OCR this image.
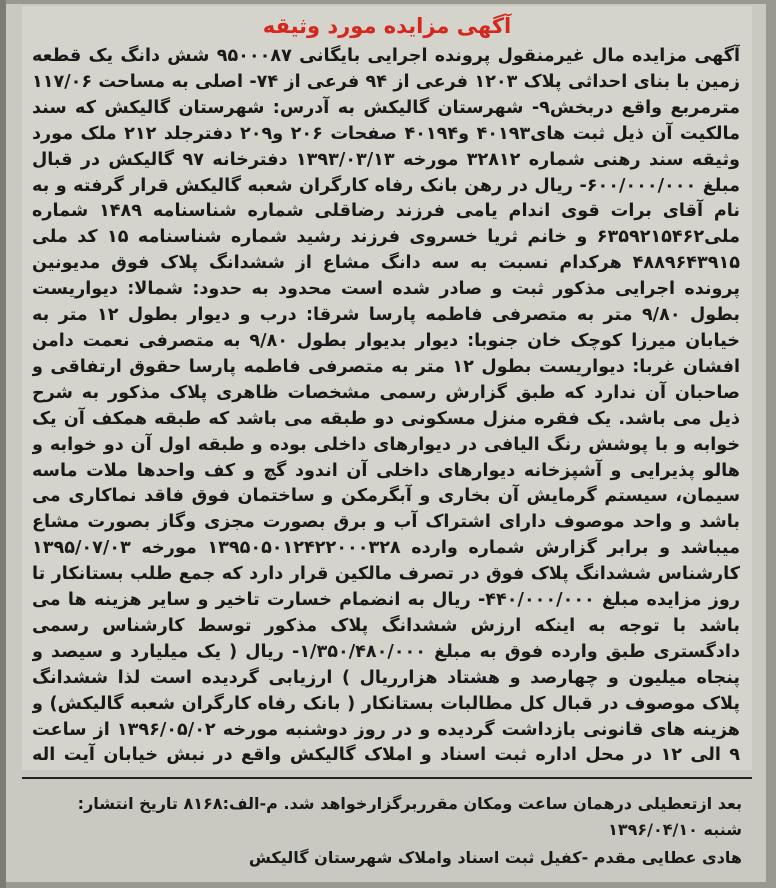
آگهی مزایده مورد وثیقه
آگهی مزایده مال غیرمنقول پرونده اجرایی بایگانی ۹۵۰۰۰۸۷ شش دانگ یک قطعه زمین با بنای احداثی پلاک ۱۲۰۳ فرعی از ۹۴ فرعی از ۷۴- اصلی به مساحت ۱۱۷/۰۶ مترمربع واقع دربخش۹- شهرستان گالیکش به آدرس: شهرستان گالیکش که سند مالکیت آن ذیل ثبت های۴۰۱۹۳ و۴۰۱۹۴ صفحات ۲۰۶ و۲۰۹ دفترجلد ۲۱۲ ملک مورد وثیقه سند رهنی شماره ۳۲۸۱۲ مورخه ۱۳۹۳/۰۳/۱۳ دفترخانه ۹۷ گالیکش در قبال مبلغ ۶۰۰/۰۰۰/۰۰۰- ریال در رهن بانک رفاه کارگران شعبه گالیکش قرار گرفته و به نام آقای برات قوی اندام یامی فرزند رضاقلی شماره شناسنامه ۱۴۸۹ شماره ملی۶۳۵۹۲۱۵۴۶۲ و خانم ثریا خسروی فرزند رشید شماره شناسنامه ۱۵ کد ملی ۴۸۸۹۶۴۳۹۱۵ هرکدام نسبت به سه دانگ مشاع از ششدانگ پلاک فوق مدیونین پرونده اجرایی مذکور ثبت و صادر شده است محدود به حدود: شمالا: دیواریست بطول ۹/۸۰ متر به متصرفی فاطمه پارسا شرقا: درب و دیوار بطول ۱۲ متر به خیابان میرزا کوچک خان جنوبا: دیوار بدیوار بطول ۹/۸۰ به متصرفی نعمت دامن افشان غربا: دیواریست بطول ۱۲ متر به متصرفی فاطمه پارسا حقوق ارتفاقی و صاحبان آن ندارد که طبق گزارش رسمی مشخصات ظاهری پلاک مذکور به شرح ذیل می باشد. یک فقره منزل مسکونی دو طبقه می باشد که طبقه همکف آن یک خوابه و با پوشش رنگ الیافی در دیوارهای داخلی بوده و طبقه اول آن دو خوابه و هالو پذیرایی و آشپزخانه دیوارهای داخلی آن اندود گچ و کف واحدها ملات ماسه سیمان، سیستم گرمایش آن بخاری و آبگرمکن و ساختمان فوق فاقد نماکاری می باشد و واحد موصوف دارای اشتراک آب و برق بصورت مجزی وگاز بصورت مشاع میباشد و برابر گزارش شماره وارده ۱۳۹۵۰۵۰۱۲۴۲۲۰۰۰۳۲۸ مورخه ۱۳۹۵/۰۷/۰۳ کارشناس ششدانگ پلاک فوق در تصرف مالکین قرار دارد که جمع طلب بستانکار تا روز مزایده مبلغ ۴۴۰/۰۰۰/۰۰۰- ریال به انضمام خسارت تاخیر و سایر هزینه ها می باشد با توجه به اینکه ارزش ششدانگ پلاک مذکور توسط کارشناس رسمی دادگستری طبق وارده فوق به مبلغ ۱/۳۵۰/۴۸۰/۰۰۰- ریال ( یک میلیارد و سیصد و پنجاه میلیون و چهارصد و هشتاد هزارریال ) ارزیابی گردیده است لذا ششدانگ پلاک موصوف در قبال کل مطالبات بستانکار ( بانک رفاه کارگران شعبه گالیکش) و هزینه های قانونی بازداشت گردیده و در روز دوشنبه مورخه ۱۳۹۶/۰۵/۰۲ از ساعت ۹ الی ۱۲ در محل اداره ثبت اسناد و املاک گالیکش واقع در نبش خیابان آیت اله
بعد ازتعطیلی درهمان ساعت ومکان مقرربرگزارخواهد شد. م-الف:۸۱۶۸ تاریخ انتشار:
شنبه ۱۳۹۶/۰۴/۱۰
هادی عطایی مقدم -کفیل ثبت اسناد واملاک شهرستان گالیکش
